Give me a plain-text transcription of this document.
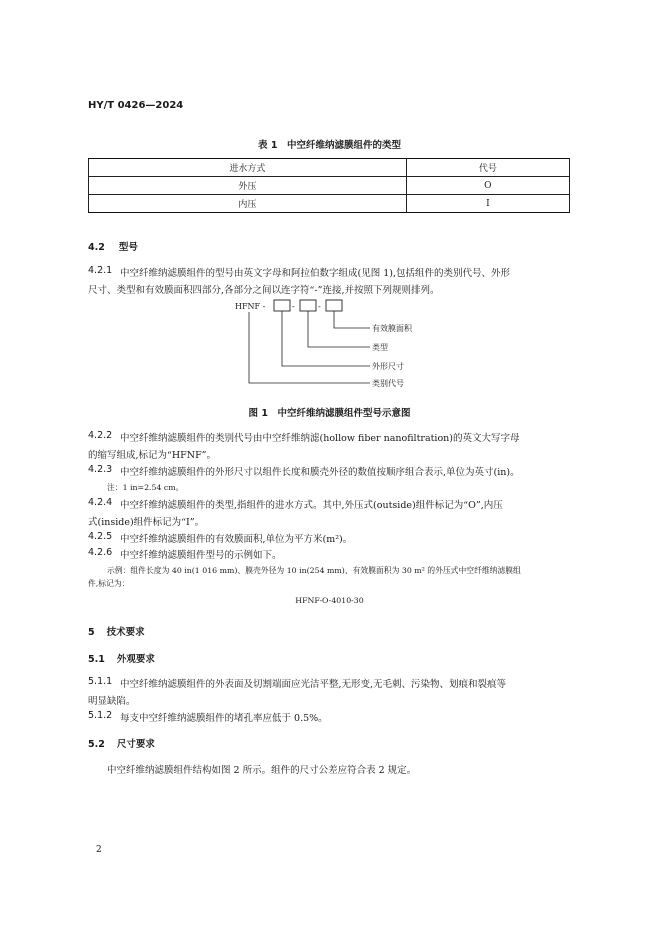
HY/T 0426—2024
表 1　中空纤维纳滤膜组件的类型
进水方式	代号
外压	O
内压	I
4.2 型号
4.2.1 中空纤维纳滤膜组件的型号由英文字母和阿拉伯数字组成(见图 1),包括组件的类别代号、外形
尺寸、类型和有效膜面积四部分,各部分之间以连字符“-”连接,并按照下列规则排列。
HFNF -	-	-
有效膜面积
类型
外形尺寸
类别代号
图 1　中空纤维纳滤膜组件型号示意图
4.2.2 中空纤维纳滤膜组件的类别代号由中空纤维纳滤(hollow fiber nanofiltration)的英文大写字母
的缩写组成,标记为“HFNF”。
4.2.3 中空纤维纳滤膜组件的外形尺寸以组件长度和膜壳外径的数值按顺序组合表示,单位为英寸(in)。
注：1 in=2.54 cm。
4.2.4 中空纤维纳滤膜组件的类型,指组件的进水方式。其中,外压式(outside)组件标记为“O”,内压
式(inside)组件标记为“I”。
4.2.5 中空纤维纳滤膜组件的有效膜面积,单位为平方米(m²)。
4.2.6 中空纤维纳滤膜组件型号的示例如下。
示例：组件长度为 40 in(1 016 mm)、膜壳外径为 10 in(254 mm)、有效膜面积为 30 m² 的外压式中空纤维纳滤膜组
件,标记为：
HFNF-O-4010-30
5 技术要求
5.1 外观要求
5.1.1 中空纤维纳滤膜组件的外表面及切割端面应光洁平整,无形变,无毛刺、污染物、划痕和裂痕等
明显缺陷。
5.1.2 每支中空纤维纳滤膜组件的堵孔率应低于 0.5%。
5.2 尺寸要求
中空纤维纳滤膜组件结构如图 2 所示。组件的尺寸公差应符合表 2 规定。
2
